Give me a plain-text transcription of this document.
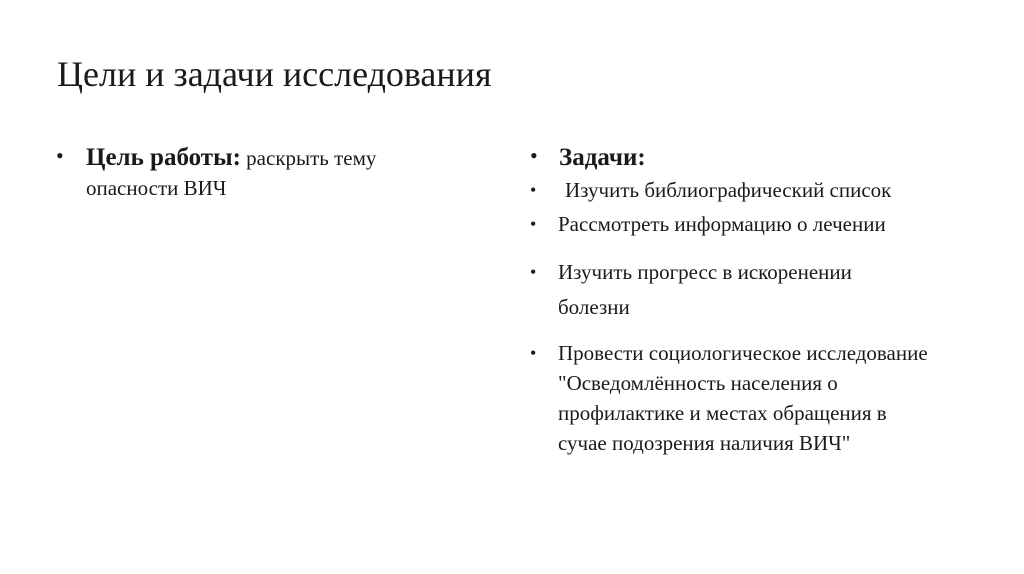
Цели и задачи исследования
• Цель работы: раскрыть тему опасности ВИЧ
• Задачи:
•	Изучить библиографический список
•	Рассмотреть информацию о лечении
•	Изучить прогресс в искоренении болезни
•	Провести социологическое исследование "Осведомлённость населения о профилактике и местах обращения в сучае подозрения наличия ВИЧ"
